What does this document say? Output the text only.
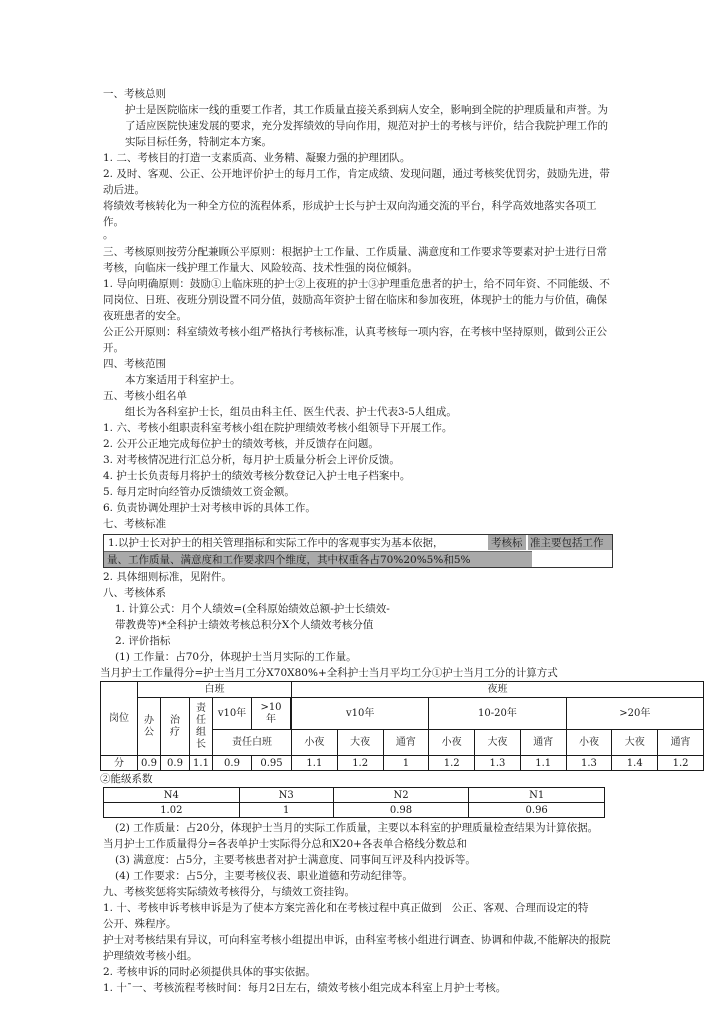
一、考核总则

护士是医院临床一线的重要工作者，其工作质量直接关系到病人安全，影响到全院的护理质量和声誉。为了适应医院快速发展的要求，充分发挥绩效的导向作用，规范对护士的考核与评价，结合我院护理工作的实际目标任务，特制定本方案。

1. 二、考核目的打造一支素质高、业务精、凝聚力强的护理团队。

2. 及时、客观、公正、公开地评价护士的每月工作，肯定成绩、发现问题，通过考核奖优罚劣，鼓励先进，带动后进。

将绩效考核转化为一种全方位的流程体系，形成护士长与护士双向沟通交流的平台，科学高效地落实各项工作。

。

三、考核原则按劳分配兼顾公平原则：根据护士工作量、工作质量、满意度和工作要求等要素对护士进行日常考核，向临床一线护理工作量大、风险较高、技术性强的岗位倾斜。

1. 导向明确原则：鼓励①上临床班的护士②上夜班的护士③护理重危患者的护士，给不同年资、不同能级、不同岗位、日班、夜班分别设置不同分值，鼓励高年资护士留在临床和参加夜班，体现护士的能力与价值，确保夜班患者的安全。

公正公开原则：科室绩效考核小组严格执行考核标准，认真考核每一项内容，在考核中坚持原则，做到公正公开。

四、考核范围

本方案适用于科室护士。

五、考核小组名单

组长为各科室护士长，组员由科主任、医生代表、护士代表3-5人组成。

1. 六、考核小组职责科室考核小组在院护理绩效考核小组领导下开展工作。

2. 公开公正地完成每位护士的绩效考核，并反馈存在问题。

3. 对考核情况进行汇总分析，每月护士质量分析会上评价反馈。

4. 护士长负责每月将护士的绩效考核分数登记入护士电子档案中。

5. 每月定时向经管办反馈绩效工资金额。

6. 负责协调处理护士对考核申诉的具体工作。

七、考核标准

1.以护士长对护士的相关管理指标和实际工作中的客观事实为基本依据，	考核标 准主要包括工作
量、工作质量、满意度和工作要求四个维度，其中权重各占70%20%5%和5%

2. 具体细则标准，见附件。

八、考核体系

1. 计算公式：月个人绩效=(全科原始绩效总额-护士长绩效-

带教费等)*全科护士绩效考核总积分X个人绩效考核分值

2. 评价指标

(1) 工作量：占70分，体现护士当月实际的工作量。

当月护士工作量得分=护士当月工分X70X80%+全科护士当月平均工分①护士当月工分的计算方式

岗位	白班					夜班								
	办公	治疗	责任组长	v10年	>10年		v10年			10-20年			>20年		
				责任白班		小夜	大夜	通宵	小夜	大夜	通宵	小夜	大夜	通宵
分	0.9	0.9	1.1	0.9	0.95	1.1	1.2	1	1.2	1.3	1.1	1.3	1.4	1.2

②能级系数

N4	N3	N2	N1
1.02	1	0.98	0.96

(2) 工作质量：占20分，体现护士当月的实际工作质量，主要以本科室的护理质量检查结果为计算依据。

当月护士工作质量得分=各表单护士实际得分总和X20+各表单合格线分数总和

(3) 满意度：占5分，主要考核患者对护士满意度、同事间互评及科内投诉等。

(4) 工作要求：占5分，主要考核仪表、职业道德和劳动纪律等。

九、考核奖惩将实际绩效考核得分，与绩效工资挂钩。

1. 十、考核申诉考核申诉是为了使本方案完善化和在考核过程中真正做到 公正、客观、合理而设定的特

公开、殊程序。

护士对考核结果有异议，可向科室考核小组提出申诉，由科室考核小组进行调查、协调和仲裁,不能解决的报院护理绩效考核小组。

2. 考核申诉的同时必须提供具体的事实依据。

1. 十ˉ一、考核流程考核时间：每月2日左右，绩效考核小组完成本科室上月护士考核。
